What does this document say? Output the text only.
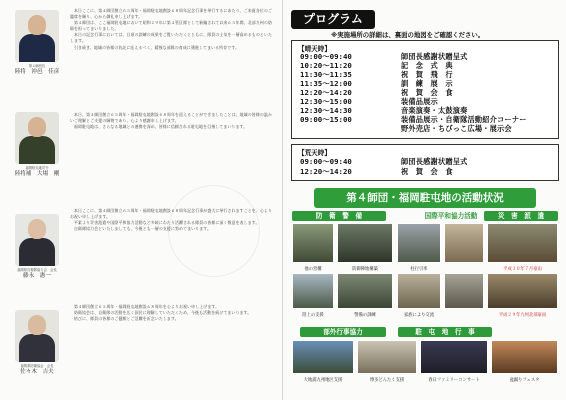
第４師団長
陸将　沖邑　佳彦
福岡駐屯地司令
陸将補　大場　剛
福岡県自衛隊協力会　会長
藤永　憲一
福岡県防衛協会　会長
佐々木　吉夫

本日ここに、第４師団創立６５周年・福岡駐屯地創設６８周年記念行事を挙行するにあたり、ご来賓各位のご臨席を賜り、心から御礼申し上げます。

第４師団は、ここ福岡駐屯地において昭和２９年に第４管区隊として新編されて以来６５年間、北部九州の防衛を担ってまいりました。

本日の記念行事においては、日頃の訓練の成果をご覧いただくとともに、隊員の士気を一層高めるものといたします。

引き続き、地域の皆様の負託に応えるべく、精強な部隊の育成に邁進してまいる所存です。

本日、第４師団創立６５周年・福岡駐屯地創設６８周年を迎えることができましたことは、地域の皆様の温かいご理解とご支援の賜物であり、心より感謝申し上げます。

福岡駐屯地は、さらなる地域との連携を深め、皆様に信頼される駐屯地を目指してまいります。

本日ここに、第４師団創立６５周年・福岡駐屯地創設６８周年記念行事が盛大に挙行されますことを、心よりお祝い申し上げます。

平素より災害派遣や国際平和協力活動など多岐にわたり活躍される隊員の皆様に深く敬意を表します。

自衛隊協力会といたしましても、今後とも一層の支援に努めてまいります。

第４師団創立６５周年・福岡駐屯地創設６８周年を心よりお祝い申し上げます。

防衛協会は、自衛隊の活動を広く国民に理解していただくため、今後も活動を続けてまいります。

結びに、隊員の皆様のご健勝とご活躍を祈念いたします。

プログラム
※実施場所の詳細は、裏面の地図をご確認ください。
【晴天時】
09:00～09:40	師団長感謝状贈呈式
10:20～11:20	記　念　式　典
11:30～11:35	祝　賀　飛　行
11:35～12:00	訓　練　展　示
12:20～14:20	祝　賀　会　食
12:30～15:00	装備品展示
12:30～14:30	音楽演奏・太鼓演奏
09:00～15:00	装備品展示・自衛隊活動紹介コーナー
野外売店・ちびっこ広場・展示会
【荒天時】
09:00～09:40	師団長感謝状贈呈式
12:20～14:20	祝　賀　会　食
第４師団・福岡駐屯地の活動状況
防　衛　警　備	国際平和協力活動	災　害　派　遣
他の営構	防御陣地構築
陸上の支援	警備の訓練
柱行引率
家族により交流
平成３０年７月豪雨
平成２９年九州北部豪雨
部外行事協力	駐　屯　地　行　事
大地浦九州地区支援	博多どんたく支援	春日ファミリーコンサート	盆踊りフェスタ
